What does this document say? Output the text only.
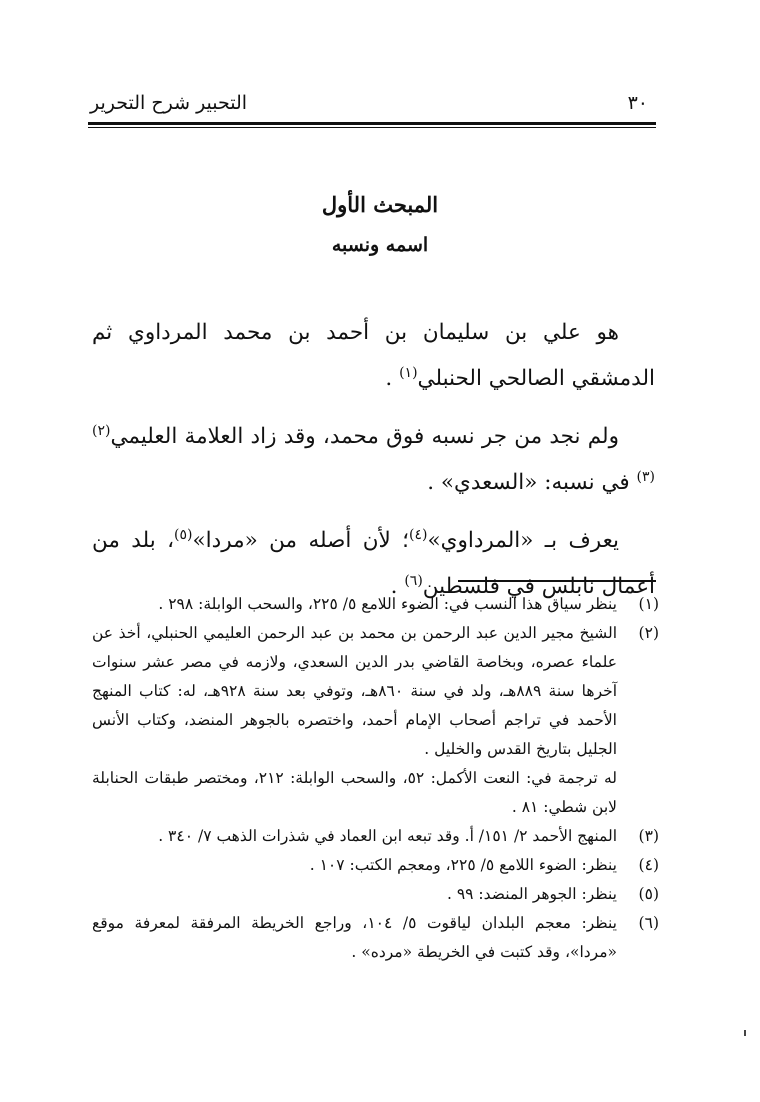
٣٠
التحبير شرح التحرير
المبحث الأول
اسمه ونسبه

هو علي بن سليمان بن أحمد بن محمد المرداوي ثم الدمشقي الصالحي الحنبلي$^{(١)}$ .

ولم نجد من جر نسبه فوق محمد، وقد زاد العلامة العليمي$^{(٢)(٣)}$ في نسبه: «السعدي» .

يعرف بـ «المرداوي»$^{(٤)}$؛ لأن أصله من «مردا»$^{(٥)}$، بلد من أعمال نابلس في فلسطين$^{(٦)}$ .

(١)
ينظر سياق هذا النسب في: الضوء اللامع ٥/ ٢٢٥، والسحب الوابلة: ٢٩٨ .
(٢)
الشيخ مجير الدين عبد الرحمن بن محمد بن عبد الرحمن العليمي الحنبلي، أخذ عن علماء عصره، وبخاصة القاضي بدر الدين السعدي، ولازمه في مصر عشر سنوات آخرها سنة ٨٨٩هـ، ولد في سنة ٨٦٠هـ، وتوفي بعد سنة ٩٢٨هـ، له: كتاب المنهج الأحمد في تراجم أصحاب الإمام أحمد، واختصره بالجوهر المنضد، وكتاب الأنس الجليل بتاريخ القدس والخليل .
له ترجمة في: النعت الأكمل: ٥٢، والسحب الوابلة: ٢١٢، ومختصر طبقات الحنابلة لابن شطي: ٨١ .
(٣)
المنهج الأحمد ٢/ ١٥١/ أ. وقد تبعه ابن العماد في شذرات الذهب ٧/ ٣٤٠ .
(٤)
ينظر: الضوء اللامع ٥/ ٢٢٥، ومعجم الكتب: ١٠٧ .
(٥)
ينظر: الجوهر المنضد: ٩٩ .
(٦)
ينظر: معجم البلدان لياقوت ٥/ ١٠٤، وراجع الخريطة المرفقة لمعرفة موقع «مردا»، وقد كتبت في الخريطة «مرده» .
